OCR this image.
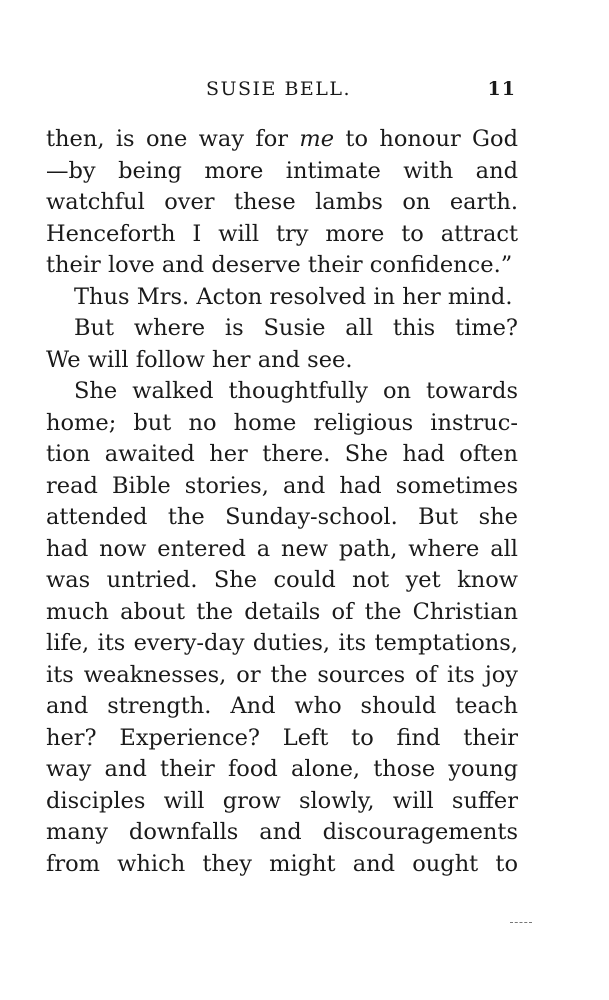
SUSIE BELL.	11
then, is one way for me to honour God
—by being more intimate with and
watchful over these lambs on earth.
Henceforth I will try more to attract
their love and deserve their confidence.”
Thus Mrs. Acton resolved in her mind.
But where is Susie all this time?
We will follow her and see.
She walked thoughtfully on towards
home; but no home religious instruc-
tion awaited her there. She had often
read Bible stories, and had sometimes
attended the Sunday-school. But she
had now entered a new path, where all
was untried. She could not yet know
much about the details of the Christian
life, its every-day duties, its temptations,
its weaknesses, or the sources of its joy
and strength. And who should teach
her? Experience? Left to find their
way and their food alone, those young
disciples will grow slowly, will suffer
many downfalls and discouragements
from which they might and ought to
